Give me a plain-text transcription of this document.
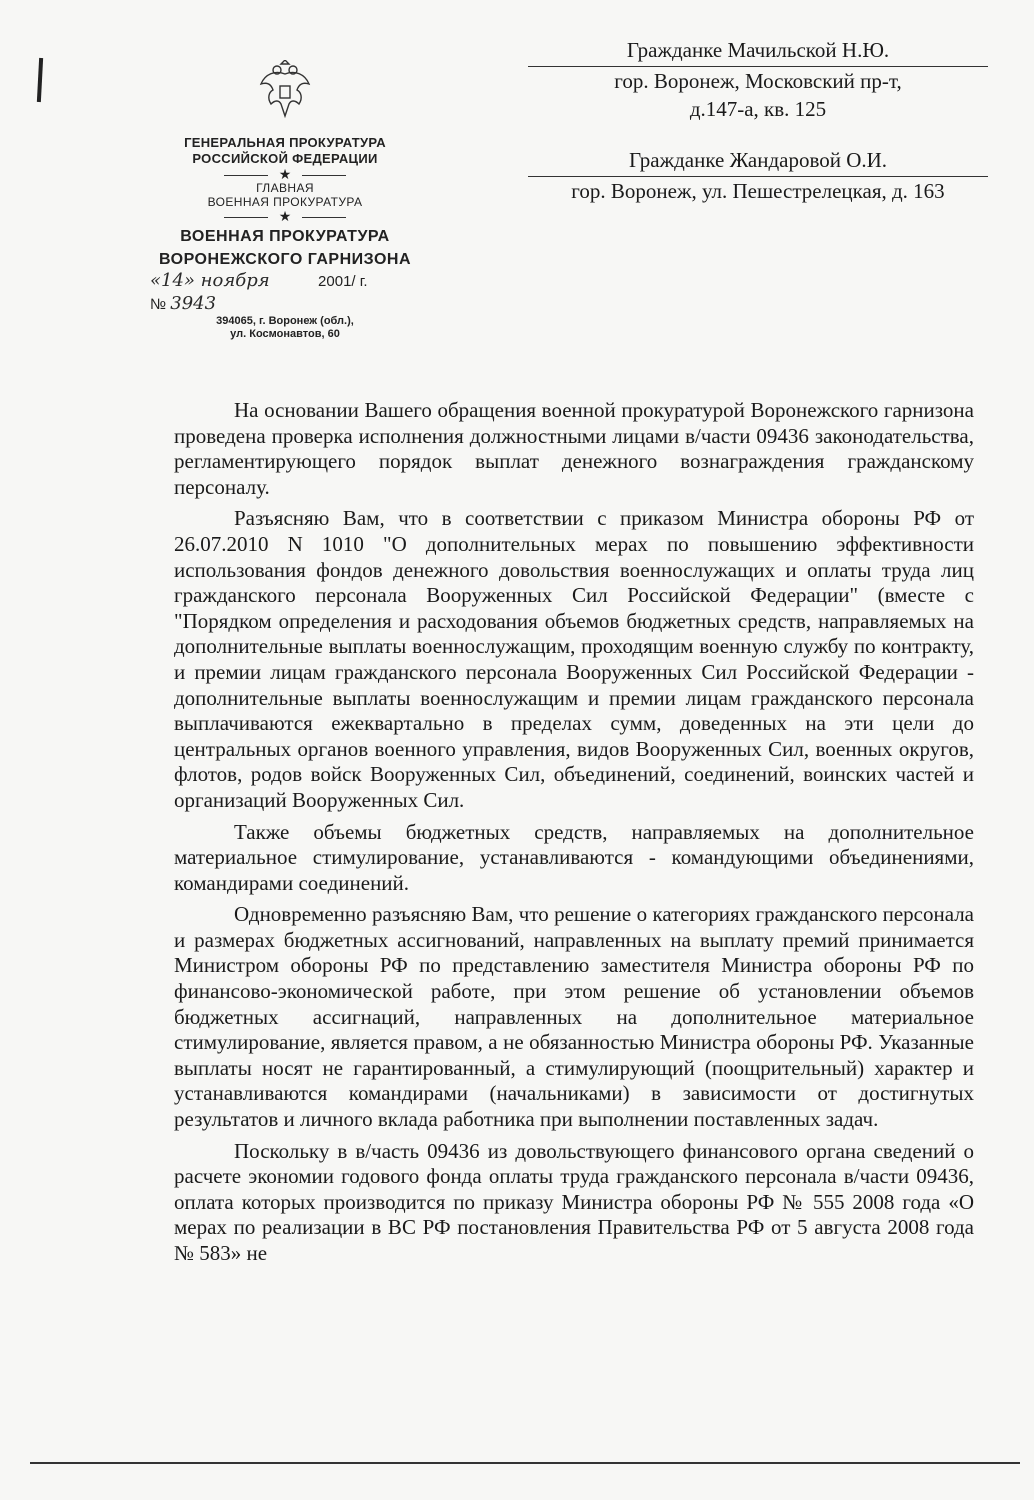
Гражданке Мачильской Н.Ю.
гор. Воронеж, Московский пр-т,
д.147-а, кв. 125
Гражданке Жандаровой О.И.
гор. Воронеж, ул. Пешестрелецкая, д. 163
ГЕНЕРАЛЬНАЯ ПРОКУРАТУРА
РОССИЙСКОЙ ФЕДЕРАЦИИ
★
ГЛАВНАЯ
ВОЕННАЯ ПРОКУРАТУРА
★
ВОЕННАЯ ПРОКУРАТУРА
ВОРОНЕЖСКОГО ГАРНИЗОНА
«14» ноября	2001/ г.
№ 3943
394065, г. Воронеж (обл.),
ул. Космонавтов, 60

На основании Вашего обращения военной прокуратурой Воронежского гарнизона проведена проверка исполнения должностными лицами в/части 09436 законодательства, регламентирующего порядок выплат денежного вознаграждения гражданскому персоналу.

Разъясняю Вам, что в соответствии с приказом Министра обороны РФ от 26.07.2010 N 1010 "О дополнительных мерах по повышению эффективности использования фондов денежного довольствия военнослужащих и оплаты труда лиц гражданского персонала Вооруженных Сил Российской Федерации" (вместе с "Порядком определения и расходования объемов бюджетных средств, направляемых на дополнительные выплаты военнослужащим, проходящим военную службу по контракту, и премии лицам гражданского персонала Вооруженных Сил Российской Федерации - дополнительные выплаты военнослужащим и премии лицам гражданского персонала выплачиваются ежеквартально в пределах сумм, доведенных на эти цели до центральных органов военного управления, видов Вооруженных Сил, военных округов, флотов, родов войск Вооруженных Сил, объединений, соединений, воинских частей и организаций Вооруженных Сил.

Также объемы бюджетных средств, направляемых на дополнительное материальное стимулирование, устанавливаются - командующими объединениями, командирами соединений.

Одновременно разъясняю Вам, что решение о категориях гражданского персонала и размерах бюджетных ассигнований, направленных на выплату премий принимается Министром обороны РФ по представлению заместителя Министра обороны РФ по финансово-экономической работе, при этом решение об установлении объемов бюджетных ассигнаций, направленных на дополнительное материальное стимулирование, является правом, а не обязанностью Министра обороны РФ. Указанные выплаты носят не гарантированный, а стимулирующий (поощрительный) характер и устанавливаются командирами (начальниками) в зависимости от достигнутых результатов и личного вклада работника при выполнении поставленных задач.

Поскольку в в/часть 09436 из довольствующего финансового органа сведений о расчете экономии годового фонда оплаты труда гражданского персонала в/части 09436, оплата которых производится по приказу Министра обороны РФ № 555 2008 года «О мерах по реализации в ВС РФ постановления Правительства РФ от 5 августа 2008 года № 583» не
